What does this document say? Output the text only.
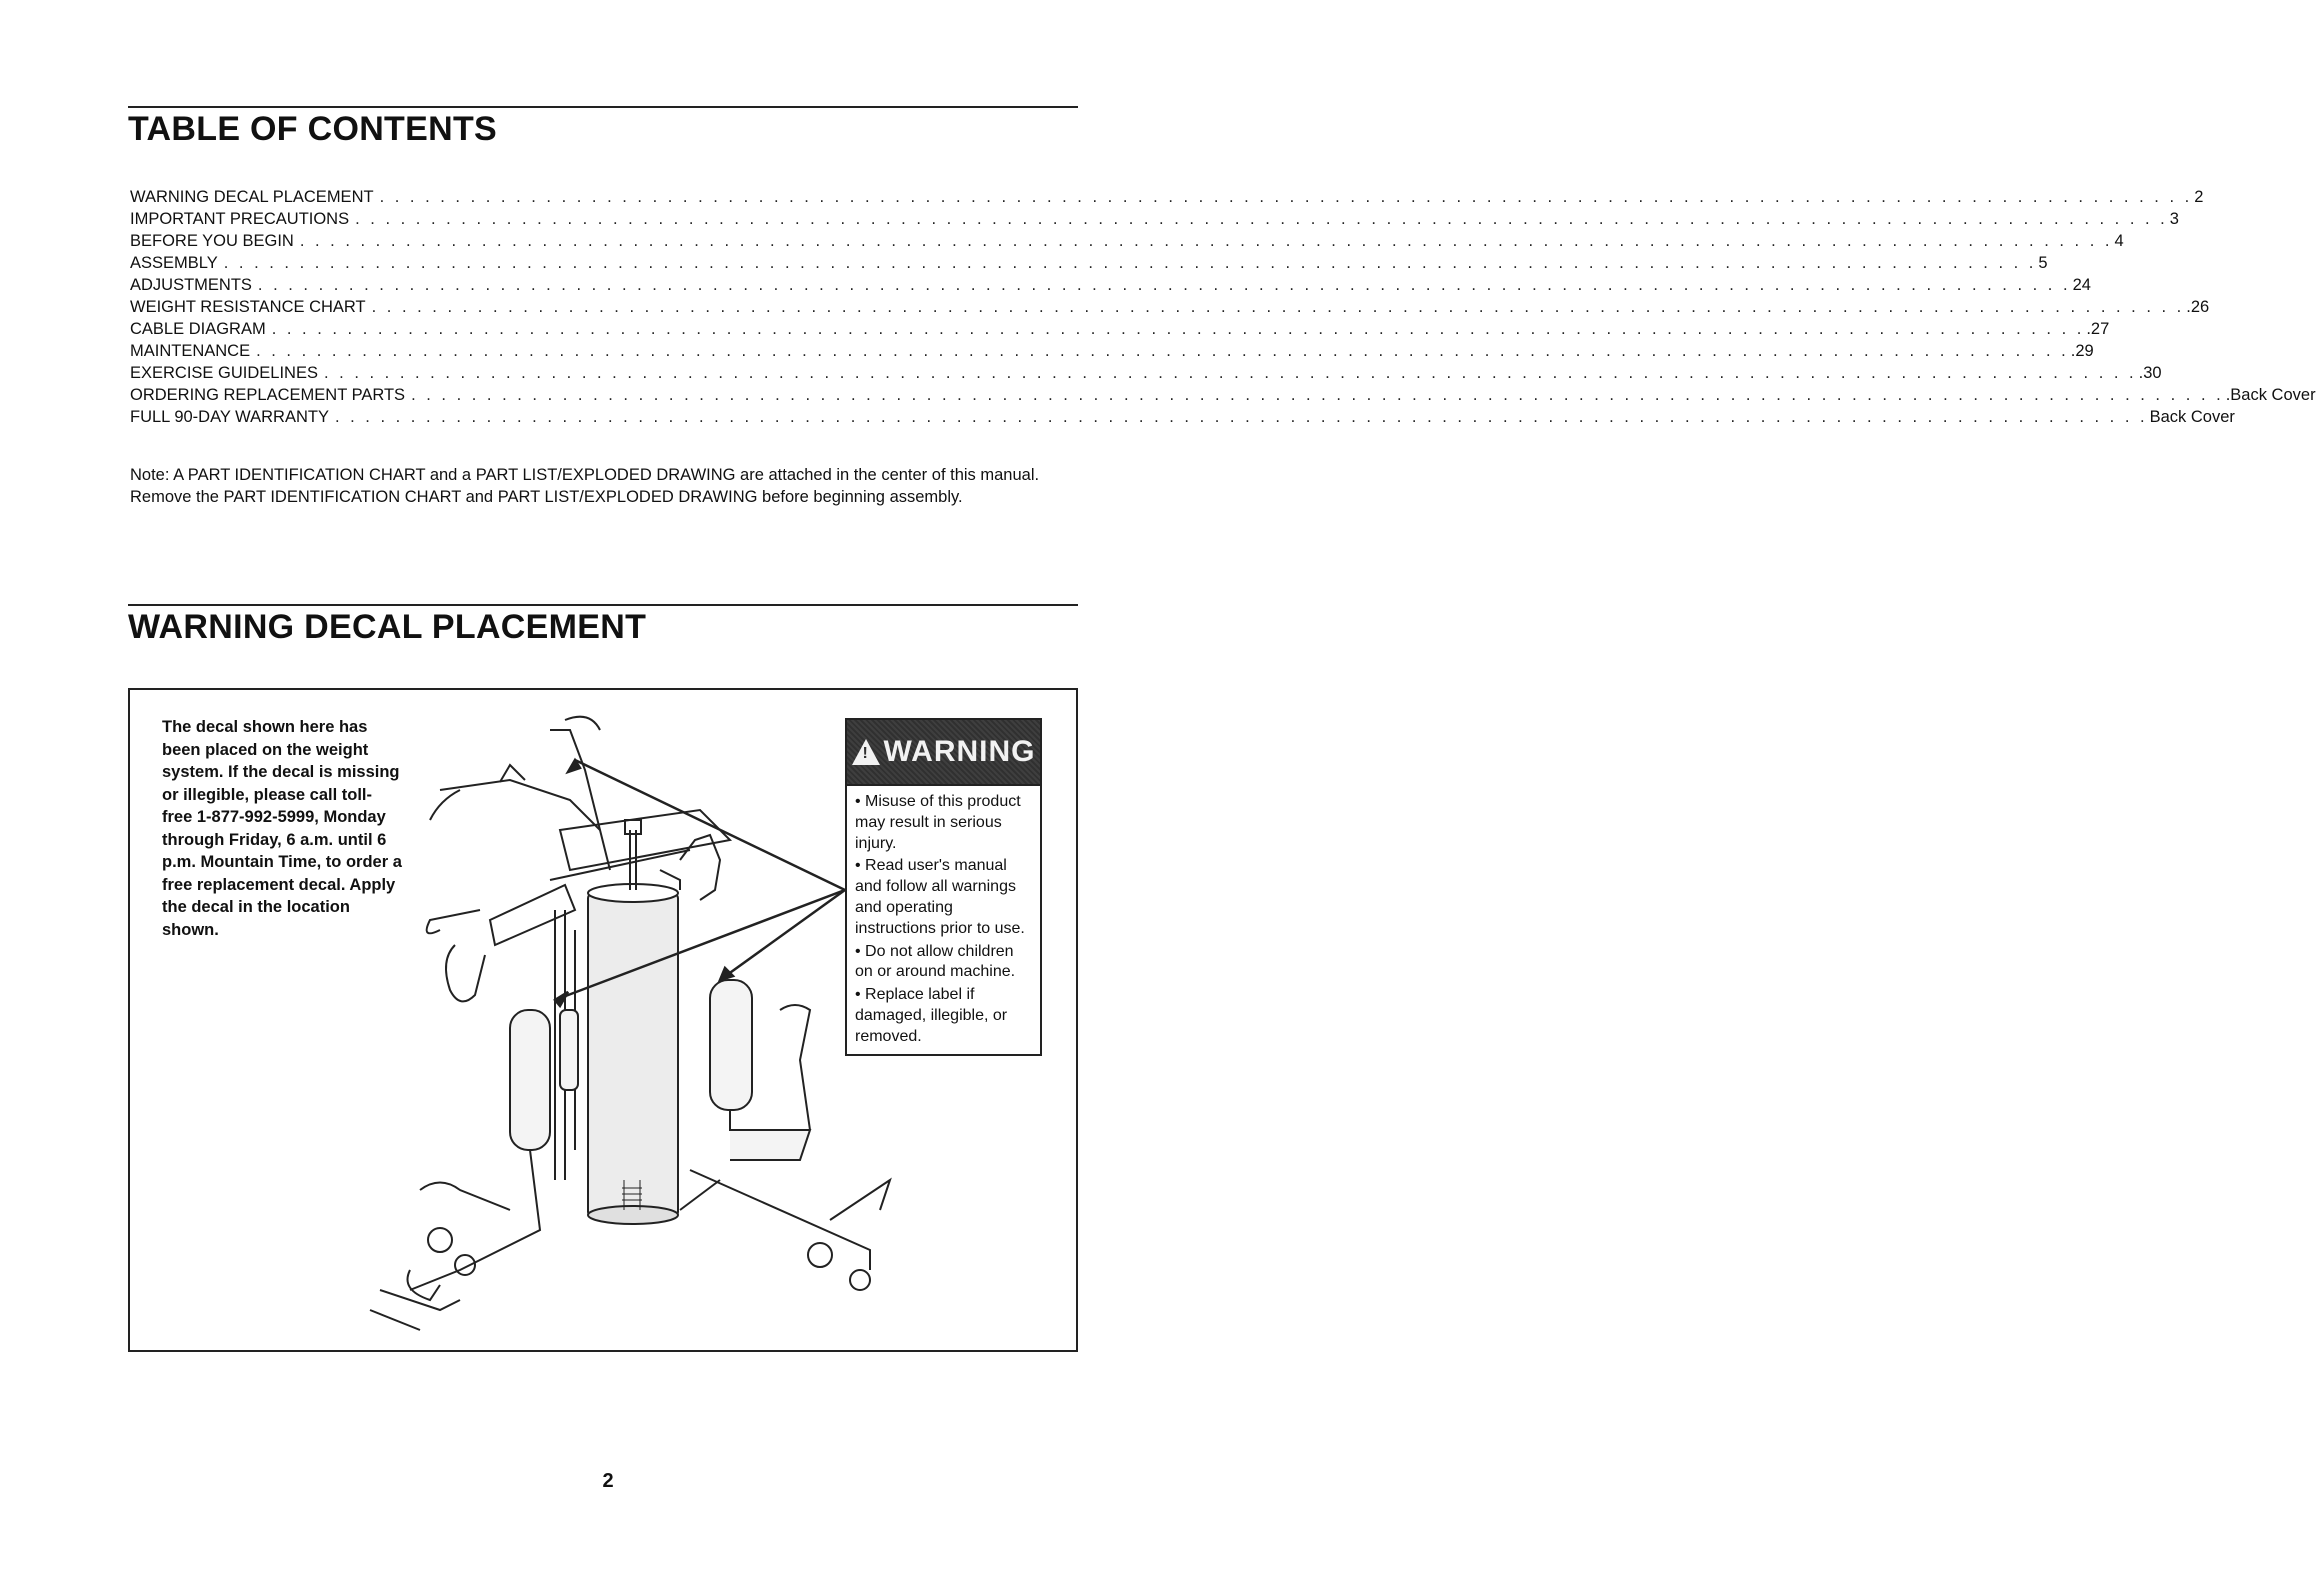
TABLE OF CONTENTS
WARNING DECAL PLACEMENT . . . . . . . . . . . . . . . . . . . . . . . . . . . . . . . . . . . . . . . . . . . . . . . . . . . . . . . . . . . . . . . . . . . . . . . . . . . . . . . . . . . . . . . . . . . . . . . . . . . . . . . . . . . . . . . . . . . . . . . . 2
IMPORTANT PRECAUTIONS . . . . . . . . . . . . . . . . . . . . . . . . . . . . . . . . . . . . . . . . . . . . . . . . . . . . . . . . . . . . . . . . . . . . . . . . . . . . . . . . . . . . . . . . . . . . . . . . . . . . . . . . . . . . . . . . . . . . . . . . 3
BEFORE YOU BEGIN . . . . . . . . . . . . . . . . . . . . . . . . . . . . . . . . . . . . . . . . . . . . . . . . . . . . . . . . . . . . . . . . . . . . . . . . . . . . . . . . . . . . . . . . . . . . . . . . . . . . . . . . . . . . . . . . . . . . . . . . 4
ASSEMBLY . . . . . . . . . . . . . . . . . . . . . . . . . . . . . . . . . . . . . . . . . . . . . . . . . . . . . . . . . . . . . . . . . . . . . . . . . . . . . . . . . . . . . . . . . . . . . . . . . . . . . . . . . . . . . . . . . . . . . . . . 5
ADJUSTMENTS . . . . . . . . . . . . . . . . . . . . . . . . . . . . . . . . . . . . . . . . . . . . . . . . . . . . . . . . . . . . . . . . . . . . . . . . . . . . . . . . . . . . . . . . . . . . . . . . . . . . . . . . . . . . . . . . . . . . . . . . 24
WEIGHT RESISTANCE CHART . . . . . . . . . . . . . . . . . . . . . . . . . . . . . . . . . . . . . . . . . . . . . . . . . . . . . . . . . . . . . . . . . . . . . . . . . . . . . . . . . . . . . . . . . . . . . . . . . . . . . . . . . . . . . . . . . . . . . . . . .26
CABLE DIAGRAM . . . . . . . . . . . . . . . . . . . . . . . . . . . . . . . . . . . . . . . . . . . . . . . . . . . . . . . . . . . . . . . . . . . . . . . . . . . . . . . . . . . . . . . . . . . . . . . . . . . . . . . . . . . . . . . . . . . . . . . . .27
MAINTENANCE . . . . . . . . . . . . . . . . . . . . . . . . . . . . . . . . . . . . . . . . . . . . . . . . . . . . . . . . . . . . . . . . . . . . . . . . . . . . . . . . . . . . . . . . . . . . . . . . . . . . . . . . . . . . . . . . . . . . . . . . .29
EXERCISE GUIDELINES . . . . . . . . . . . . . . . . . . . . . . . . . . . . . . . . . . . . . . . . . . . . . . . . . . . . . . . . . . . . . . . . . . . . . . . . . . . . . . . . . . . . . . . . . . . . . . . . . . . . . . . . . . . . . . . . . . . . . . . . .30
ORDERING REPLACEMENT PARTS . . . . . . . . . . . . . . . . . . . . . . . . . . . . . . . . . . . . . . . . . . . . . . . . . . . . . . . . . . . . . . . . . . . . . . . . . . . . . . . . . . . . . . . . . . . . . . . . . . . . . . . . . . . . . . . . . . . . . . . . .Back Cover
FULL 90-DAY WARRANTY . . . . . . . . . . . . . . . . . . . . . . . . . . . . . . . . . . . . . . . . . . . . . . . . . . . . . . . . . . . . . . . . . . . . . . . . . . . . . . . . . . . . . . . . . . . . . . . . . . . . . . . . . . . . . . . . . . . . . . . . Back Cover
Note: A PART IDENTIFICATION CHART and a PART LIST/EXPLODED DRAWING are attached in the center of this manual. Remove the PART IDENTIFICATION CHART and PART LIST/EXPLODED DRAWING before beginning assembly.
WARNING DECAL PLACEMENT
The decal shown here has been placed on the weight system. If the decal is missing or illegible, please call toll-free 1-877-992-5999, Monday through Friday, 6 a.m. until 6 p.m. Mountain Time, to order a free replacement decal. Apply the decal in the location shown.
! WARNING
• Misuse of this product may result in serious injury.
• Read user's manual and follow all warnings and operating instructions prior to use.
• Do not allow children on or around machine.
• Replace label if damaged, illegible, or removed.
2
